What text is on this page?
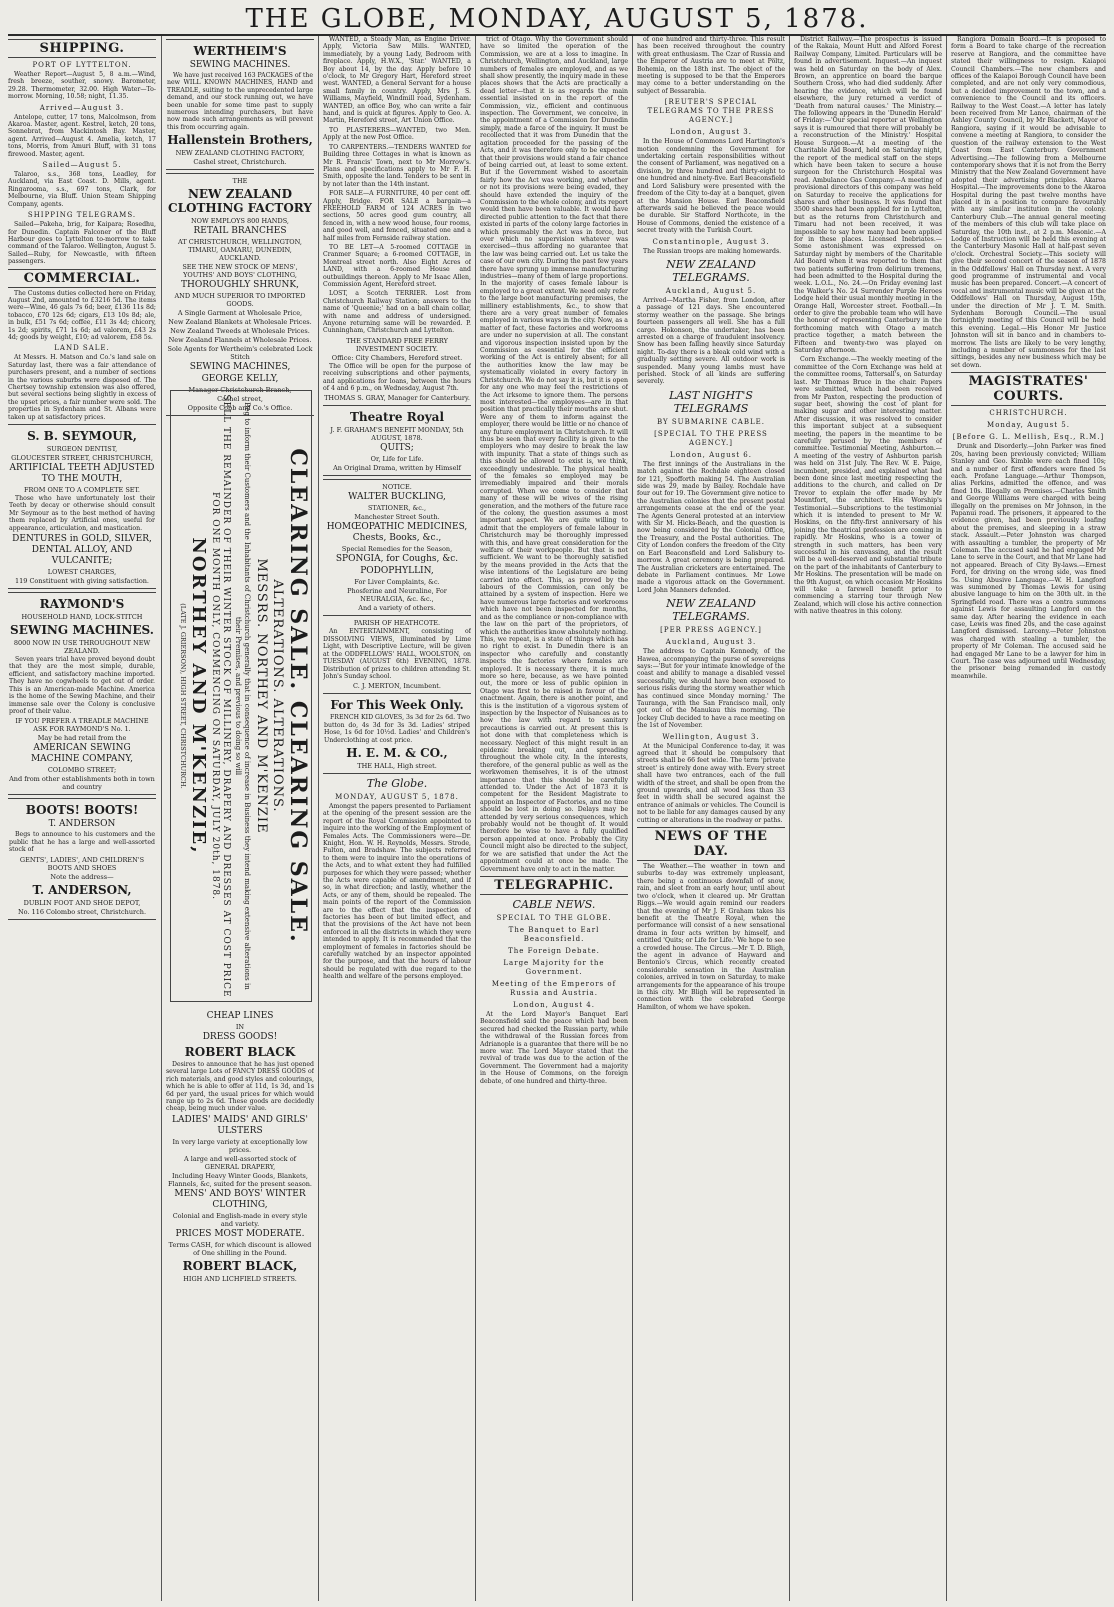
THE GLOBE, MONDAY, AUGUST 5, 1878.
SHIPPING.
PORT OF LYTTELTON.

Weather Report—August 5, 8 a.m.—Wind, fresh breeze, souther, snowy. Barometer, 29.28. Thermometer, 32.00. High Water—To-morrow. Morning, 10.58; night, 11.35.

Arrived—August 3.

Antelope, cutter, 17 tons, Malcolmson, from Akaroa. Master, agent. Kestrel, ketch, 20 tons, Sonnebrat, from Mackintosh Bay. Master, agent. Arrived—August 4. Amelia, ketch, 17 tons, Morris, from Amuri Bluff, with 31 tons firewood. Master, agent.

Sailed—August 5.

Talaroo, s.s., 368 tons, Leadley, for Auckland, via East Coast. D. Mills, agent. Ringarooma, s.s., 697 tons, Clark, for Melbourne, via Bluff. Union Steam Shipping Company, agents.

SHIPPING TELEGRAMS.

Sailed—Pakeha, brig, for Kaipara; Rosedhu, for Dunedin. Captain Falconer of the Bluff Harbour goes to Lyttelton to-morrow to take command of the Talaroo. Wellington, August 5. Sailed—Ruby, for Newcastle, with fifteen passengers.

COMMERCIAL.

The Customs duties collected here on Friday, August 2nd, amounted to £3216 5d. The items were—Wine, 46 gals 7s 6d; beer, £136 11s 8d; tobacco, £70 12s 6d; cigars, £13 10s 8d; ale, in bulk, £51 7s 6d; coffee, £11 3s 4d; chicory, 1s 2d; spirits, £71 1s 6d; ad valorem, £43 2s 4d; goods by weight, £10; ad valorem, £58 5s.

LAND SALE.

At Messrs. H. Matson and Co.'s land sale on Saturday last, there was a fair attendance of purchasers present, and a number of sections in the various suburbs were disposed of. The Chertsey township extension was also offered, but several sections being slightly in excess of the upset prices, a fair number were sold. The properties in Sydenham and St. Albans were taken up at satisfactory prices.

S. B. SEYMOUR,
SURGEON DENTIST,
GLOUCESTER STREET, CHRISTCHURCH,
ARTIFICIAL TEETH ADJUSTED TO THE MOUTH,
FROM ONE TO A COMPLETE SET.

Those who have unfortunately lost their Teeth by decay or otherwise should consult Mr Seymour as to the best method of having them replaced by Artificial ones, useful for appearance, articulation, and mastication.

DENTURES in GOLD, SILVER, DENTAL ALLOY, AND VULCANITE;
LOWEST CHARGES,
119 Constituent with giving satisfaction.
RAYMOND'S
HOUSEHOLD HAND, LOCK-STITCH
SEWING MACHINES.
8000 NOW IN USE THROUGHOUT NEW ZEALAND.

Seven years trial have proved beyond doubt that they are the most simple, durable, efficient, and satisfactory machine imported. They have no cogwheels to get out of order. This is an American-made Machine. America is the home of the Sewing Machine, and their immense sale over the Colony is conclusive proof of their value.

IF YOU PREFER A TREADLE MACHINE ASK FOR RAYMOND'S No. 1.
May be had retail from the
AMERICAN SEWING MACHINE COMPANY,
COLOMBO STREET;
And from other establishments both in town and country
BOOTS! BOOTS!
T. ANDERSON

Begs to announce to his customers and the public that he has a large and well-assorted stock of

GENTS', LADIES', AND CHILDREN'S BOOTS AND SHOES
Note the address—
T. ANDERSON,
DUBLIN FOOT AND SHOE DEPOT,
No. 116 Colombo street, Christchurch.
WERTHEIM'S
SEWING MACHINES.

We have just received 163 PACKAGES of the new WILL KNOWN MACHINES, HAND and TREADLE, suiting to the unprecedented large demand, and our stock running out, we have been unable for some time past to supply numerous intending purchasers, but have now made such arrangements as will prevent this from occurring again.

Hallenstein Brothers,
NEW ZEALAND CLOTHING FACTORY,
Cashel street, Christchurch.
THE
NEW ZEALAND CLOTHING FACTORY
NOW EMPLOYS 800 HANDS,
RETAIL BRANCHES
AT CHRISTCHURCH, WELLINGTON, TIMARU, OAMARU, DUNEDIN, AUCKLAND.
SEE THE NEW STOCK OF MENS', YOUTHS' AND BOYS' CLOTHING,
THOROUGHLY SHRUNK,
AND MUCH SUPERIOR TO IMPORTED GOODS.
A Single Garment at Wholesale Price,
New Zealand Blankets at Wholesale Prices.
New Zealand Tweeds at Wholesale Prices.
New Zealand Flannels at Wholesale Prices.
Sole Agents for Wertheim's celebrated Lock Stitch
SEWING MACHINES,
GEORGE KELLY,
Manager Christchurch Branch,
Cashel street,
Opposite Cobb and Co.'s Office.
CLEARING SALE. CLEARING SALE.
ALTERATIONS. ALTERATIONS.
MESSRS. NORTHEY AND M'KENZIE
Beg to inform their Customers and the Inhabitants of Christchurch generally that in consequence of increase in Business they intend making extensive alterations in their Premises, and previous to doing so will
SELL THE REMAINDER OF THEIR WINTER STOCK OF MILLINERY, DRAPERY AND DRESSES AT COST PRICE
FOR ONE MONTH ONLY, COMMENCING ON SATURDAY, JULY 20th, 1878.
NORTHEY AND M'KENZIE,
(LATE J. GRIERSON), HIGH STREET, CHRISTCHURCH.
CHEAP LINES
IN
DRESS GOODS!
ROBERT BLACK

Desires to announce that he has just opened several large Lots of FANCY DRESS GOODS of rich materials, and good styles and colourings, which he is able to offer at 11d, 1s 3d, and 1s 6d per yard, the usual prices for which would range up to 2s 6d. These goods are decidedly cheap, being much under value.

LADIES' MAIDS' AND GIRLS' ULSTERS
In very large variety at exceptionally low prices.
A large and well-assorted stock of GENERAL DRAPERY,
Including Heavy Winter Goods, Blankets, Flannels, &c, suited for the present season.
MENS' AND BOYS' WINTER CLOTHING,
Colonial and English-made in every style and variety.
PRICES MOST MODERATE.
Terms CASH, for which discount is allowed of One shilling in the Pound.
ROBERT BLACK,
HIGH AND LICHFIELD STREETS.

WANTED, a Steady Man, as Engine Driver. Apply, Victoria Saw Mills. WANTED, immediately, by a young Lady, Bedroom with fireplace. Apply, H.W.X., 'Star.' WANTED, a Boy about 14, by the day. Apply before 10 o'clock, to Mr Gregory Hart, Hereford street west. WANTED, a General Servant for a house small family in country. Apply, Mrs J. S. Williams, Mayfield, Windmill road, Sydenham. WANTED, an office Boy, who can write a fair hand, and is quick at figures. Apply to Geo. A. Martin, Hereford street, Art Union Office.

TO PLASTERERS—WANTED, two Men. Apply at the new Post Office.

TO CARPENTERS.—TENDERS WANTED for Building three Cottages in what is known as Mr R. Francis' Town, next to Mr Morrow's. Plans and specifications apply to Mr F. H. Smith, opposite the land. Tenders to be sent in by not later than the 14th instant.

FOR SALE—A FURNITURE, 40 per cent off. Apply, Bridge. FOR SALE a bargain—a FREEHOLD FARM of 124 ACRES in two sections, 50 acres good gum country, all fenced in, with a new wood house, four rooms, and good well, and fenced, situated one and a half miles from Fernside railway station.

TO BE LET—A 5-roomed COTTAGE in Cranmer Square; a 6-roomed COTTAGE, in Montreal street north. Also Eight Acres of LAND, with a 6-roomed House and outbuildings thereon. Apply to Mr Isaac Allen, Commission Agent, Hereford street.

LOST, a Scotch TERRIER. Lost from Christchurch Railway Station; answers to the name of 'Queenie;' had on a ball chain collar, with name and address of undersigned. Anyone returning same will be rewarded. P. Cunningham, Christchurch and Lyttelton.

THE STANDARD FREE FERRY INVESTMENT SOCIETY.
Office: City Chambers, Hereford street.

The Office will be open for the purpose of receiving subscriptions and other payments, and applications for loans, between the hours of 4 and 6 p.m., on Wednesday, August 7th.

THOMAS S. GRAY, Manager for Canterbury.
Theatre Royal
J. F. GRAHAM'S BENEFIT MONDAY, 5th AUGUST, 1878.
QUITS;
Or, Life for Life.
An Original Drama, written by Himself
NOTICE.
WALTER BUCKLING,
STATIONER, &c.,
Manchester Street South.
HOMŒOPATHIC MEDICINES, Chests, Books, &c.,
Special Remedies for the Season,
SPONGIA, for Coughs, &c.
PODOPHYLLIN,
For Liver Complaints, &c.
Phosferine and Neuraline, For NEURALGIA, &c. &c.,
And a variety of others.
PARISH OF HEATHCOTE.

An ENTERTAINMENT, consisting of DISSOLVING VIEWS, illuminated by Lime Light, with Descriptive Lecture, will be given at the ODDFELLOWS' HALL, WOOLSTON, on TUESDAY (AUGUST 6th) EVENING, 1878. Distribution of prizes to children attending St. John's Sunday school.

C. J. MERTON, Incumbent.
For This Week Only.

FRENCH KID GLOVES, 3s 3d for 2s 6d. Two button do, 4s 3d for 3s 3d. Ladies' striped Hose, 1s 6d for 10½d. Ladies' and Children's Underclothing at cost price.

H. E. M. & CO.,
THE HALL, High street.
The Globe.
MONDAY, AUGUST 5, 1878.

Amongst the papers presented to Parliament at the opening of the present session are the report of the Royal Commission appointed to inquire into the working of the Employment of Females Acts. The Commissioners were—Dr. Knight, Hon. W. H. Reynolds, Messrs. Strode, Fulton, and Bradshaw. The subjects referred to them were to inquire into the operations of the Acts, and to what extent they had fulfilled purposes for which they were passed; whether the Acts were capable of amendment, and if so, in what direction; and lastly, whether the Acts, or any of them, should be repealed. The main points of the report of the Commission are to the effect that the inspection of factories has been of but limited effect, and that the provisions of the Act have not been enforced in all the districts in which they were intended to apply. It is recommended that the employment of females in factories should be carefully watched by an inspector appointed for the purpose, and that the hours of labour should be regulated with due regard to the health and welfare of the persons employed.

trict of Otago. Why the Government should have so limited the operation of the Commission, we are at a loss to imagine. In Christchurch, Wellington, and Auckland, large numbers of females are employed, and as we shall show presently, the inquiry made in these places shows that the Acts are practically a dead letter—that it is as regards the main essential insisted on in the report of the Commission, viz., efficient and continuous inspection. The Government, we conceive, in the appointment of a Commission for Dunedin simply, made a farce of the inquiry. It must be recollected that it was from Dunedin that the agitation proceeded for the passing of the Acts, and it was therefore only to be expected that their provisions would stand a fair chance of being carried out, at least to some extent. But if the Government wished to ascertain fairly how the Act was working, and whether or not its provisions were being evaded, they should have extended the inquiry of the Commission to the whole colony, and its report would then have been valuable. It would have directed public attention to the fact that there existed in parts of the colony large factories in which presumably the Act was in force, but over which no supervision whatever was exercised—thus affording no guarantee that the law was being carried out. Let us take the case of our own city. During the past few years there have sprung up immense manufacturing industries—many of them of large proportions. In the majority of cases female labour is employed to a great extent. We need only refer to the large boot manufacturing premises, the millinery establishments, &c., to show that there are a very great number of females employed in various ways in the city. Now, as a matter of fact, these factories and workrooms are under no supervision at all. The constant and vigorous inspection insisted upon by the Commission as essential for the efficient working of the Act is entirely absent; for all the authorities know the law may be systematically violated in every factory in Christchurch. We do not say it is, but it is open for any one who may feel the restrictions of the Act irksome to ignore them. The persons most interested—the employees—are in that position that practically their mouths are shut. Were any of them to inform against the employer, there would be little or no chance of any future employment in Christchurch. It will thus be seen that every facility is given to the employers who may desire to break the law with impunity. That a state of things such as this should be allowed to exist is, we think, exceedingly undesirable. The physical health of the females so employed may be irremediably impaired and their morals corrupted. When we come to consider that many of these will be wives of the rising generation, and the mothers of the future race of the colony, the question assumes a most important aspect. We are quite willing to admit that the employers of female labour in Christchurch may be thoroughly impressed with this, and have great consideration for the welfare of their workpeople. But that is not sufficient. We want to be thoroughly satisfied by the means provided in the Acts that the wise intentions of the Legislature are being carried into effect. This, as proved by the labours of the Commission, can only be attained by a system of inspection. Here we have numerous large factories and workrooms which have not been inspected for months, and as the compliance or non-compliance with the law on the part of the proprietors, of which the authorities know absolutely nothing. This, we repeat, is a state of things which has no right to exist. In Dunedin there is an inspector who carefully and constantly inspects the factories where females are employed. It is necessary there, it is much more so here, because, as we have pointed out, the more or less of public opinion in Otago was first to be raised in favour of the enactment. Again, there is another point, and this is the institution of a vigorous system of inspection by the Inspector of Nuisances as to how the law with regard to sanitary precautions is carried out. At present this is not done with that completeness which is necessary. Neglect of this might result in an epidemic breaking out, and spreading throughout the whole city. In the interests, therefore, of the general public as well as the workwomen themselves, it is of the utmost importance that this should be carefully attended to. Under the Act of 1873 it is competent for the Resident Magistrate to appoint an Inspector of Factories, and no time should be lost in doing so. Delays may be attended by very serious consequences, which probably would not be thought of. It would therefore be wise to have a fully qualified person appointed at once. Probably the City Council might also be directed to the subject, for we are satisfied that under the Act the appointment could at once be made. The Government have only to act in the matter.

TELEGRAPHIC.
CABLE NEWS.
SPECIAL TO THE GLOBE.
The Banquet to Earl Beaconsfield.
The Foreign Debate.
Large Majority for the Government.
Meeting of the Emperors of Russia and Austria.
London, August 4.

At the Lord Mayor's Banquet Earl Beaconsfield said the peace which had been secured had checked the Russian party, while the withdrawal of the Russian forces from Adrianople is a guarantee that there will be no more war. The Lord Mayor stated that the revival of trade was due to the action of the Government. The Government had a majority in the House of Commons, on the foreign debate, of one hundred and thirty-three.

of one hundred and thirty-three. This result has been received throughout the country with great enthusiasm. The Czar of Russia and the Emperor of Austria are to meet at Pöltz, Bohemia, on the 18th inst. The object of the meeting is supposed to be that the Emperors may come to a better understanding on the subject of Bessarabia.

[REUTER'S SPECIAL TELEGRAMS TO THE PRESS AGENCY.]
London, August 3.

In the House of Commons Lord Hartington's motion condemning the Government for undertaking certain responsibilities without the consent of Parliament, was negatived on a division, by three hundred and thirty-eight to one hundred and ninety-five. Earl Beaconsfield and Lord Salisbury were presented with the freedom of the City to-day at a banquet, given at the Mansion House. Earl Beaconsfield afterwards said he believed the peace would be durable. Sir Stafford Northcote, in the House of Commons, denied the existence of a secret treaty with the Turkish Court.

Constantinople, August 3.

The Russian troops are making homewards.

NEW ZEALAND TELEGRAMS.
Auckland, August 5.

Arrived—Martha Fisher, from London, after a passage of 121 days. She encountered stormy weather on the passage. She brings fourteen passengers all well. She has a full cargo. Hokonson, the undertaker, has been arrested on a charge of fraudulent insolvency. Snow has been falling heavily since Saturday night. To-day there is a bleak cold wind with a gradually setting severe. All outdoor work is suspended. Many young lambs must have perished. Stock of all kinds are suffering severely.

LAST NIGHT'S TELEGRAMS
BY SUBMARINE CABLE.
[SPECIAL TO THE PRESS AGENCY.]
London, August 6.

The first innings of the Australians in the match against the Rochdale eighteen closed for 121, Spofforth making 54. The Australian side was 29, made by Bailey. Rochdale have four out for 19. The Government give notice to the Australian colonies that the present postal arrangements cease at the end of the year. The Agents General protested at an interview with Sir M. Hicks-Beach, and the question is now being considered by the Colonial Office, the Treasury, and the Postal authorities. The City of London confers the freedom of the City on Earl Beaconsfield and Lord Salisbury to-morrow. A great ceremony is being prepared. The Australian cricketers are entertained. The debate in Parliament continues. Mr Lowe made a vigorous attack on the Government. Lord John Manners defended.

NEW ZEALAND TELEGRAMS.
[PER PRESS AGENCY.]
Auckland, August 3.

The address to Captain Kennedy, of the Hawea, accompanying the purse of sovereigns says:—'But for your intimate knowledge of the coast and ability to manage a disabled vessel successfully, we should have been exposed to serious risks during the stormy weather which has continued since Monday morning.' The Tauranga, with the San Francisco mail, only got out of the Manukau this morning. The Jockey Club decided to have a race meeting on the 1st of November.

Wellington, August 3.

At the Municipal Conference to-day, it was agreed that it should be compulsory that streets shall be 66 feet wide. The term 'private street' is entirely done away with. Every street shall have two entrances, each of the full width of the street, and shall be open from the ground upwards, and all wood less than 33 feet in width shall be secured against the entrance of animals or vehicles. The Council is not to be liable for any damages caused by any cutting or alterations in the roadway or paths.

NEWS OF THE DAY.

The Weather.—The weather in town and suburbs to-day was extremely unpleasant, there being a continuous downfall of snow, rain, and sleet from an early hour, until about two o'clock, when it cleared up. Mr Grattan Riggs.—We would again remind our readers that the evening of Mr J. F. Graham takes his benefit at the Theatre Royal, when the performance will consist of a new sensational drama in four acts written by himself, and entitled 'Quits; or Life for Life.' We hope to see a crowded house. The Circus.—Mr T. D. Bligh, the agent in advance of Hayward and Bentonio's Circus, which recently created considerable sensation in the Australian colonies, arrived in town on Saturday, to make arrangements for the appearance of his troupe in this city. Mr Bligh will be represented in connection with the celebrated George Hamilton, of whom we have spoken.

District Railway.—The prospectus is issued of the Rakaia, Mount Hutt and Alford Forest Railway Company, Limited. Particulars will be found in advertisement. Inquest.—An inquest was held on Saturday on the body of Alex. Brown, an apprentice on board the barque Southern Cross, who had died suddenly. After hearing the evidence, which will be found elsewhere, the jury returned a verdict of 'Death from natural causes.' The Ministry.—The following appears in the 'Dunedin Herald' of Friday:—'Our special reporter at Wellington says it is rumoured that there will probably be a reconstruction of the Ministry.' Hospital House Surgeon.—At a meeting of the Charitable Aid Board, held on Saturday night, the report of the medical staff on the steps which have been taken to secure a house surgeon for the Christchurch Hospital was read. Ambulance Gas Company.—A meeting of provisional directors of this company was held on Saturday to receive the applications for shares and other business. It was found that 3500 shares had been applied for in Lyttelton, but as the returns from Christchurch and Timaru had not been received, it was impossible to say how many had been applied for in these places. Licensed Inebriates.—Some astonishment was expressed on Saturday night by members of the Charitable Aid Board when it was reported to them that two patients suffering from delirium tremens, had been admitted to the Hospital during the week. L.O.L., No. 24.—On Friday evening last the Walker's No. 24 Surrender Purple Heroes Lodge held their usual monthly meeting in the Orange Hall, Worcester street. Football.—In order to give the probable team who will have the honour of representing Canterbury in the forthcoming match with Otago a match practice together, a match between the Fifteen and twenty-two was played on Saturday afternoon.

Corn Exchange.—The weekly meeting of the committee of the Corn Exchange was held at the committee rooms, Tattersall's, on Saturday last. Mr Thomas Bruce in the chair. Papers were submitted, which had been received from Mr Paxton, respecting the production of sugar beet, showing the cost of plant for making sugar and other interesting matter. After discussion, it was resolved to consider this important subject at a subsequent meeting, the papers in the meantime to be carefully perused by the members of committee. Testimonial Meeting, Ashburton.—A meeting of the vestry of Ashburton parish was held on 31st July. The Rev. W. E. Paige, incumbent, presided, and explained what had been done since last meeting respecting the additions to the church, and called on Dr Trevor to explain the offer made by Mr Mountfort, the architect. His Worship's Testimonial.—Subscriptions to the testimonial which it is intended to present to Mr W. Hoskins, on the fifty-first anniversary of his joining the theatrical profession are coming in rapidly. Mr Hoskins, who is a tower of strength in such matters, has been very successful in his canvassing, and the result will be a well-deserved and substantial tribute on the part of the inhabitants of Canterbury to Mr Hoskins. The presentation will be made on the 9th August, on which occasion Mr Hoskins will take a farewell benefit prior to commencing a starring tour through New Zealand, which will close his active connection with native theatres in this colony.

Rangiora Domain Board.—It is proposed to form a Board to take charge of the recreation reserve at Rangiora, and the committee have stated their willingness to resign. Kaiapoi Council Chambers.—The new chambers and offices of the Kaiapoi Borough Council have been completed, and are not only very commodious, but a decided improvement to the town, and a convenience to the Council and its officers. Railway to the West Coast.—A letter has lately been received from Mr Lance, chairman of the Ashley County Council, by Mr Blackett, Mayor of Rangiora, saying if it would be advisable to convene a meeting at Rangiora, to consider the question of the railway extension to the West Coast from East Canterbury. Government Advertising.—The following from a Melbourne contemporary shows that it is not from the Berry Ministry that the New Zealand Government have adopted their advertising principles. Akaroa Hospital.—The improvements done to the Akaroa Hospital during the past twelve months have placed it in a position to compare favourably with any similar institution in the colony. Canterbury Club.—The annual general meeting of the members of this club will take place on Saturday, the 10th inst., at 2 p.m. Masonic.—A Lodge of Instruction will be held this evening at the Canterbury Masonic Hall at half-past seven o'clock. Orchestral Society.—This society will give their second concert of the season of 1878 in the Oddfellows' Hall on Thursday next. A very good programme of instrumental and vocal music has been prepared. Concert.—A concert of vocal and instrumental music will be given at the Oddfellows' Hall on Thursday, August 15th, under the direction of Mr J. T. M. Smith. Sydenham Borough Council.—The usual fortnightly meeting of this Council will be held this evening. Legal.—His Honor Mr Justice Johnston will sit in banco and in chambers to-morrow. The lists are likely to be very lengthy, including a number of summonses for the last sittings, besides any new business which may be set down.

MAGISTRATES' COURTS.
CHRISTCHURCH.
Monday, August 5.
[Before G. L. Mellish, Esq., R.M.]

Drunk and Disorderly.—John Parker was fined 20s, having been previously convicted; William Stanley and Geo. Kimble were each fined 10s; and a number of first offenders were fined 5s each. Profane Language.—Arthur Thompson, alias Perkins, admitted the offence, and was fined 10s. Illegally on Premises.—Charles Smith and George Williams were charged with being illegally on the premises on Mr Johnson, in the Papanui road. The prisoners, it appeared to the evidence given, had been previously loafing about the premises, and sleeping in a straw stack. Assault.—Peter Johnston was charged with assaulting a tumbler, the property of Mr Coleman. The accused said he had engaged Mr Lane to serve in the Court, and that Mr Lane had not appeared. Breach of City By-laws.—Ernest Ford, for driving on the wrong side, was fined 5s. Using Abusive Language.—W. H. Langford was summoned by Thomas Lewis for using abusive language to him on the 30th ult. in the Springfield road. There was a contra summons against Lewis for assaulting Langford on the same day. After hearing the evidence in each case, Lewis was fined 20s, and the case against Langford dismissed. Larceny.—Peter Johnston was charged with stealing a tumbler, the property of Mr Coleman. The accused said he had engaged Mr Lane to be a lawyer for him in Court. The case was adjourned until Wednesday, the prisoner being remanded in custody meanwhile.
